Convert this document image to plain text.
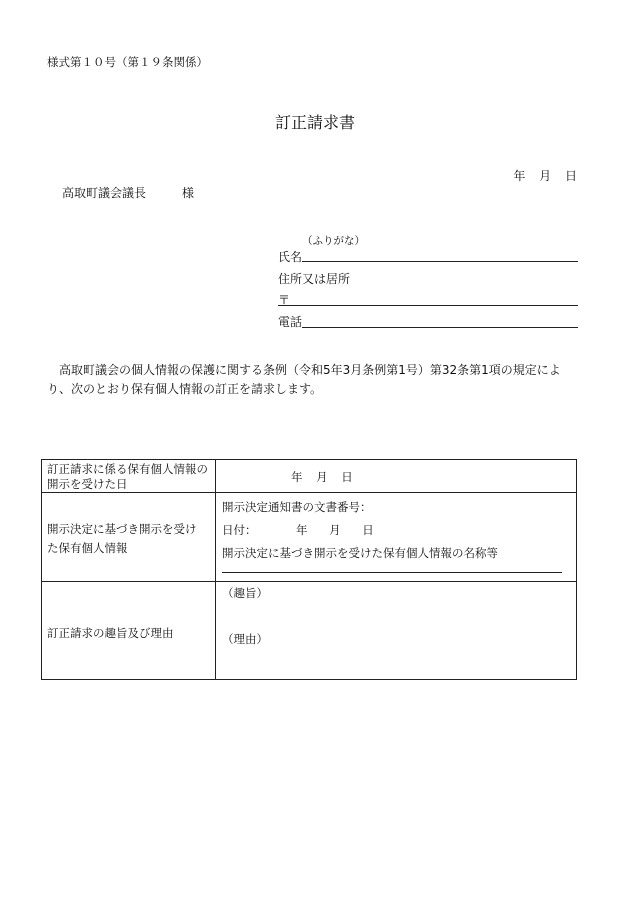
様式第１０号（第１９条関係）
訂正請求書
年 月 日
高取町議会議長　　　様
（ふりがな）
氏名
住所又は居所
〒
電話
高取町議会の個人情報の保護に関する条例（令和5年3月条例第1号）第32条第1項の規定により、次のとおり保有個人情報の訂正を請求します。
訂正請求に係る保有個人情報の開示を受けた日	年 月 日

開示決定に基づき開示を受けた保有個人情報	開示決定通知書の文書番号：
日付： 年 月 日
開示決定に基づき開示を受けた保有個人情報の名称等

訂正請求の趣旨及び理由	（趣旨）
（理由）
